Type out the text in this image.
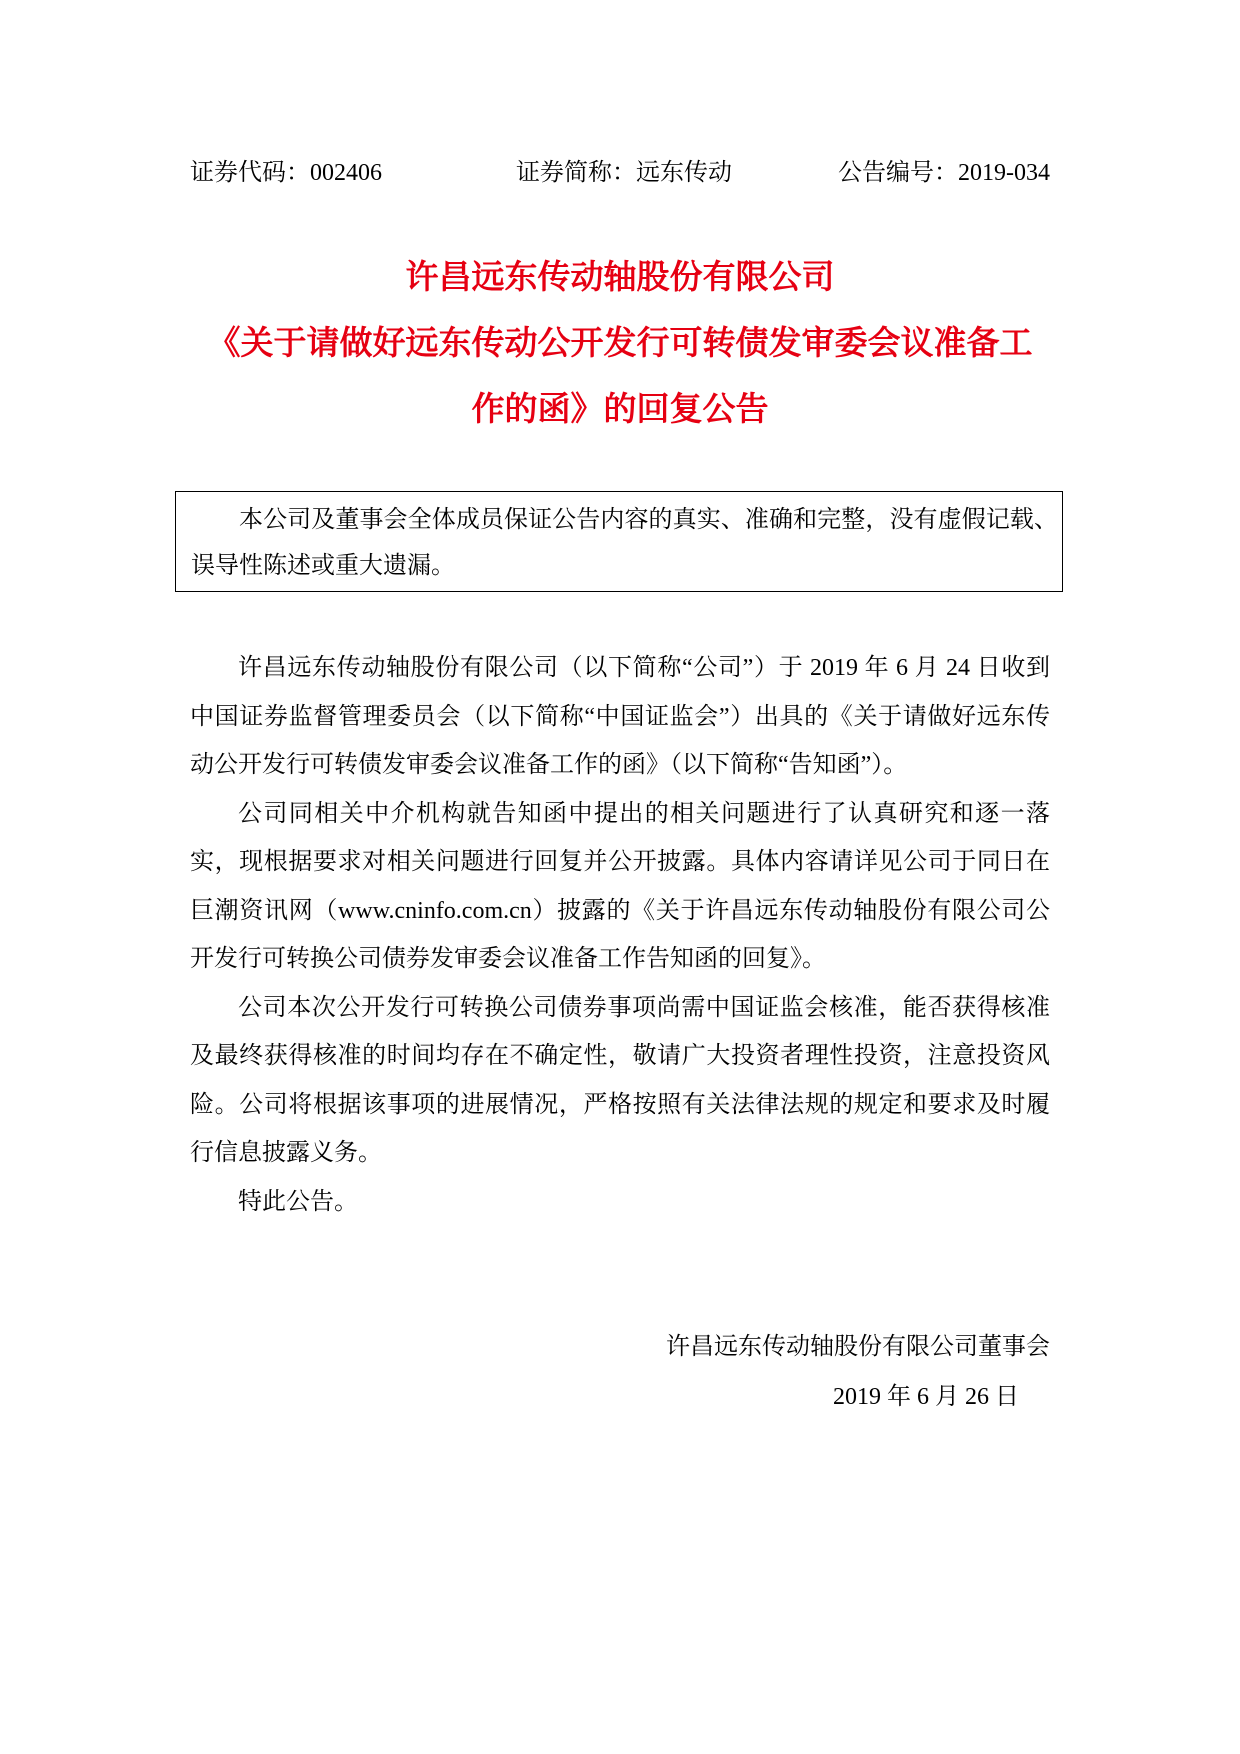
证券代码：002406	证券简称：远东传动	公告编号：2019-034
许昌远东传动轴股份有限公司
《关于请做好远东传动公开发行可转债发审委会议准备工
作的函》的回复公告
本公司及董事会全体成员保证公告内容的真实、准确和完整，没有虚假记载、
误导性陈述或重大遗漏。
许昌远东传动轴股份有限公司（以下简称“公司”）于 2019 年 6 月 24 日收到
中国证券监督管理委员会（以下简称“中国证监会”）出具的《关于请做好远东传
动公开发行可转债发审委会议准备工作的函》（以下简称“告知函”）。
公司同相关中介机构就告知函中提出的相关问题进行了认真研究和逐一落
实，现根据要求对相关问题进行回复并公开披露。具体内容请详见公司于同日在
巨潮资讯网（www.cninfo.com.cn）披露的《关于许昌远东传动轴股份有限公司公
开发行可转换公司债券发审委会议准备工作告知函的回复》。
公司本次公开发行可转换公司债券事项尚需中国证监会核准，能否获得核准
及最终获得核准的时间均存在不确定性，敬请广大投资者理性投资，注意投资风
险。公司将根据该事项的进展情况，严格按照有关法律法规的规定和要求及时履
行信息披露义务。
特此公告。
许昌远东传动轴股份有限公司董事会
2019 年 6 月 26 日
